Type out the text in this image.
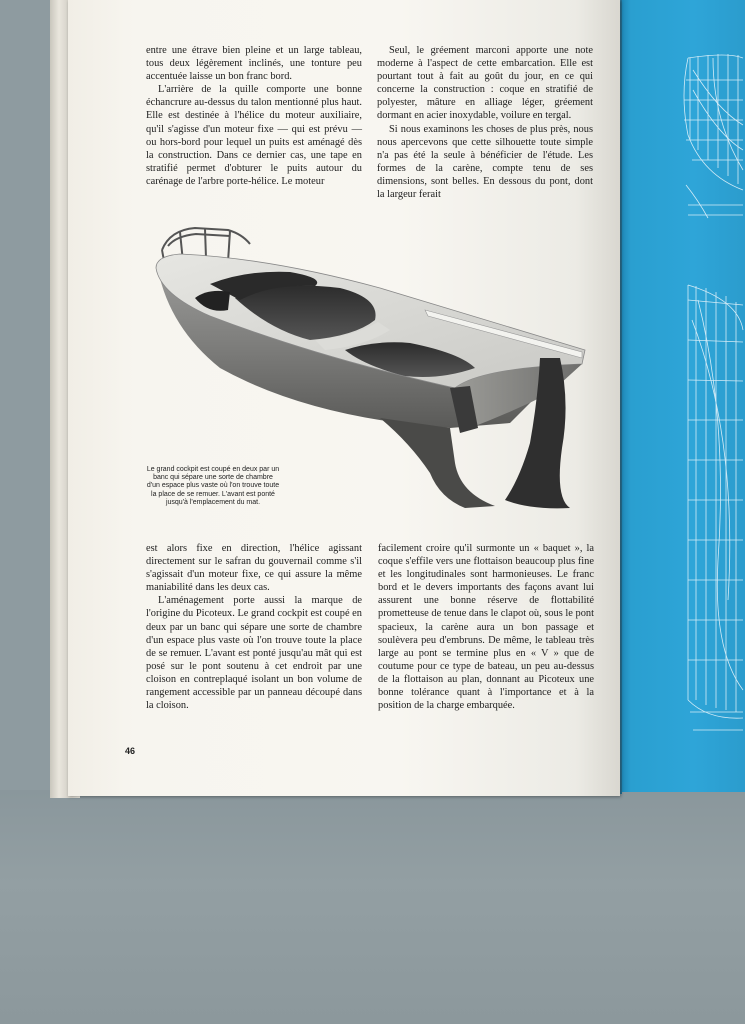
entre une étrave bien pleine et un large tableau, tous deux légèrement inclinés, une tonture peu accentuée laisse un bon franc bord.

L'arrière de la quille comporte une bonne échancrure au-dessus du talon mentionné plus haut. Elle est destinée à l'hélice du moteur auxiliaire, qu'il s'agisse d'un moteur fixe — qui est prévu — ou hors-bord pour lequel un puits est aménagé dès la construction. Dans ce dernier cas, une tape en stratifié permet d'obturer le puits autour du carénage de l'arbre porte-hélice. Le moteur

Seul, le gréement marconi apporte une note moderne à l'aspect de cette embarcation. Elle est pourtant tout à fait au goût du jour, en ce qui concerne la construction : coque en stratifié de polyester, mâture en alliage léger, gréement dormant en acier inoxydable, voilure en tergal.

Si nous examinons les choses de plus près, nous nous apercevons que cette silhouette toute simple n'a pas été la seule à bénéficier de l'étude. Les formes de la carène, compte tenu de ses dimensions, sont belles. En dessous du pont, dont la largeur ferait

Le grand cockpit est coupé en deux par un banc qui sépare une sorte de chambre d'un espace plus vaste où l'on trouve toute la place de se remuer. L'avant est ponté jusqu'à l'emplacement du mat.

est alors fixe en direction, l'hélice agissant directement sur le safran du gouvernail comme s'il s'agissait d'un moteur fixe, ce qui assure la même maniabilité dans les deux cas.

L'aménagement porte aussi la marque de l'origine du Picoteux. Le grand cockpit est coupé en deux par un banc qui sépare une sorte de chambre d'un espace plus vaste où l'on trouve toute la place de se remuer. L'avant est ponté jusqu'au mât qui est posé sur le pont soutenu à cet endroit par une cloison en contreplaqué isolant un bon volume de rangement accessible par un panneau découpé dans la cloison.

facilement croire qu'il surmonte un « baquet », la coque s'effile vers une flottaison beaucoup plus fine et les longitudinales sont harmonieuses. Le franc bord et le devers importants des façons avant lui assurent une bonne réserve de flottabilité prometteuse de tenue dans le clapot où, sous le pont spacieux, la carène aura un bon passage et soulèvera peu d'embruns. De même, le tableau très large au pont se termine plus en « V » que de coutume pour ce type de bateau, un peu au-dessus de la flottaison au plan, donnant au Picoteux une bonne tolérance quant à l'importance et à la position de la charge embarquée.

46
